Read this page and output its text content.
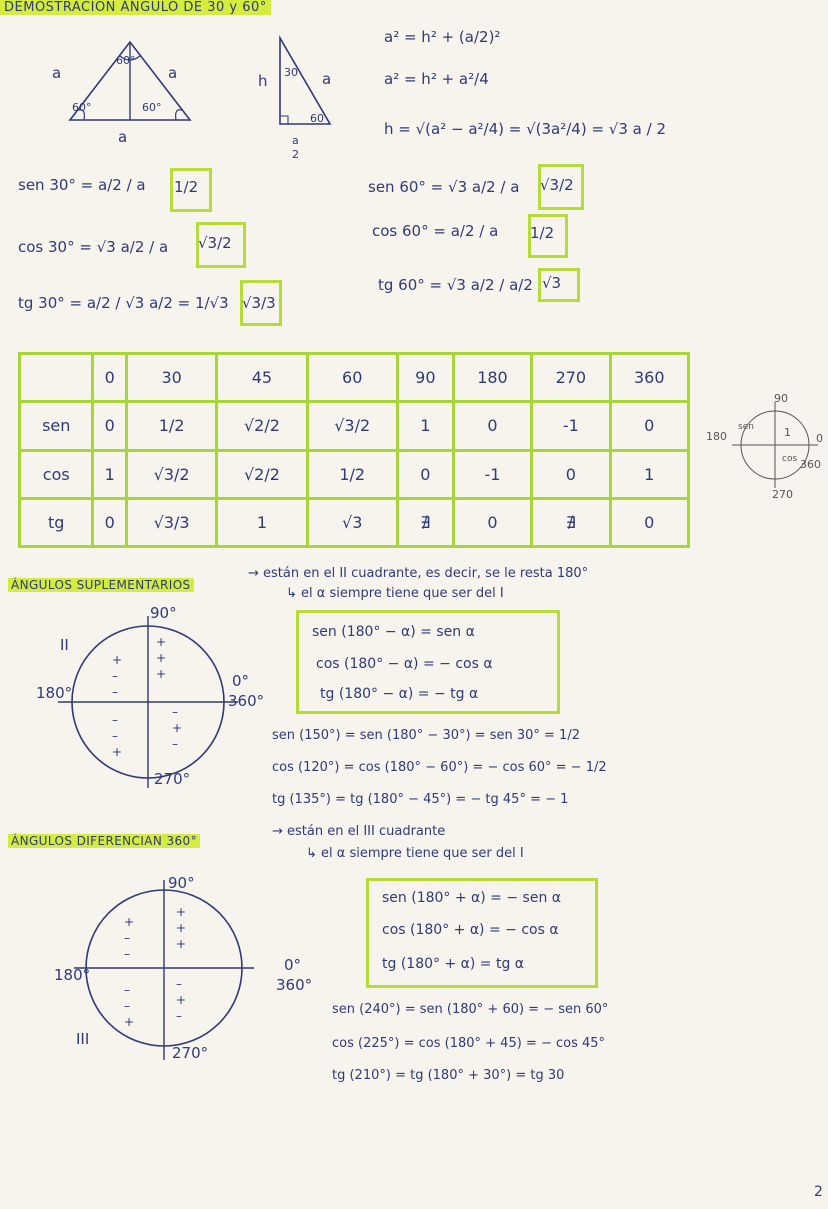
DEMOSTRACIÓN ÁNGULO DE 30 y 60°
60°
60°	60°
a	a
a
h 30
60
a
a
2
a² = h² + (a/2)²
a² = h² + a²/4
h = √(a² − a²/4) = √(3a²/4) = √3 a / 2
sen 30° = a/2 / a 1/2
cos 30° = √3 a/2 / a √3/2
tg 30° = a/2 / √3 a/2 = 1/√3 √3/3
sen 60° = √3 a/2 / a √3/2
cos 60° = a/2 / a 1/2
tg 60° = √3 a/2 / a/2 √3
	0	30	45	60	90	180	270	360
sen	0	1/2	√2/2	√3/2	1	0	-1	0
cos	1	√3/2	√2/2	1/2	0	-1	0	1
tg	0	√3/3	1	√3	∄	0	∄	0
90
180	0
360
270
sen
cos
1
ÁNGULOS SUPLEMENTARIOS
→ están en el II cuadrante, es decir, se le resta 180°
↳ el α siempre tiene que ser del I
+
–
–
+
+
+
–
–
+
–
+
–
II
90°
180°
0°
360°
270°
sen (180° − α) = sen α
cos (180° − α) = − cos α
tg (180° − α) = − tg α
sen (150°) = sen (180° − 30°) = sen 30° = 1/2
cos (120°) = cos (180° − 60°) = − cos 60° = − 1/2
tg (135°) = tg (180° − 45°) = − tg 45° = − 1
ÁNGULOS DIFERENCIAN 360°
→ están en el III cuadrante
↳ el α siempre tiene que ser del I
+
–
–
+
+
+
–
–
+
–
+
–
90°
180°
0°
360°
270°
III
sen (180° + α) = − sen α
cos (180° + α) = − cos α
tg (180° + α) = tg α
sen (240°) = sen (180° + 60) = − sen 60°
cos (225°) = cos (180° + 45) = − cos 45°
tg (210°) = tg (180° + 30°) = tg 30
2
